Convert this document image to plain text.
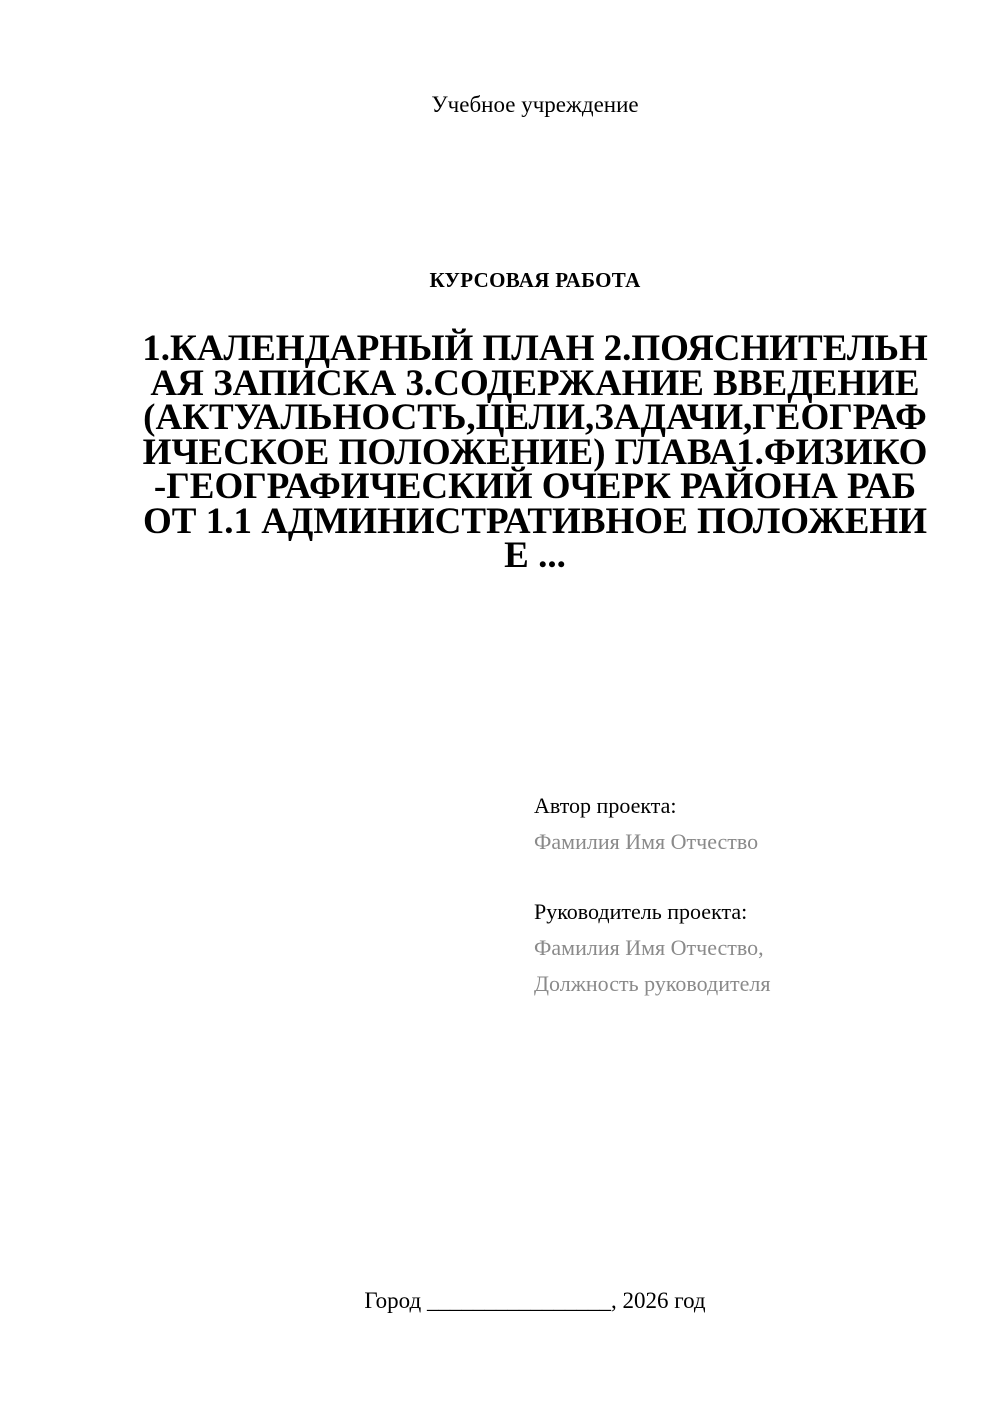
Учебное учреждение
КУРСОВАЯ РАБОТА
1.КАЛЕНДАРНЫЙ ПЛАН 2.ПОЯСНИТЕЛЬНАЯ ЗАПИСКА 3.СОДЕРЖАНИЕ ВВЕДЕНИЕ (АКТУАЛЬНОСТЬ,ЦЕЛИ,ЗАДАЧИ,ГЕОГРАФИЧЕСКОЕ ПОЛОЖЕНИЕ) ГЛАВА1.ФИЗИКО-ГЕОГРАФИЧЕСКИЙ ОЧЕРК РАЙОНА РАБОТ 1.1 АДМИНИСТРАТИВНОЕ ПОЛОЖЕНИЕ ...
Автор проекта:
Фамилия Имя Отчество
Руководитель проекта:
Фамилия Имя Отчество,
Должность руководителя
Город ________________, 2026 год
